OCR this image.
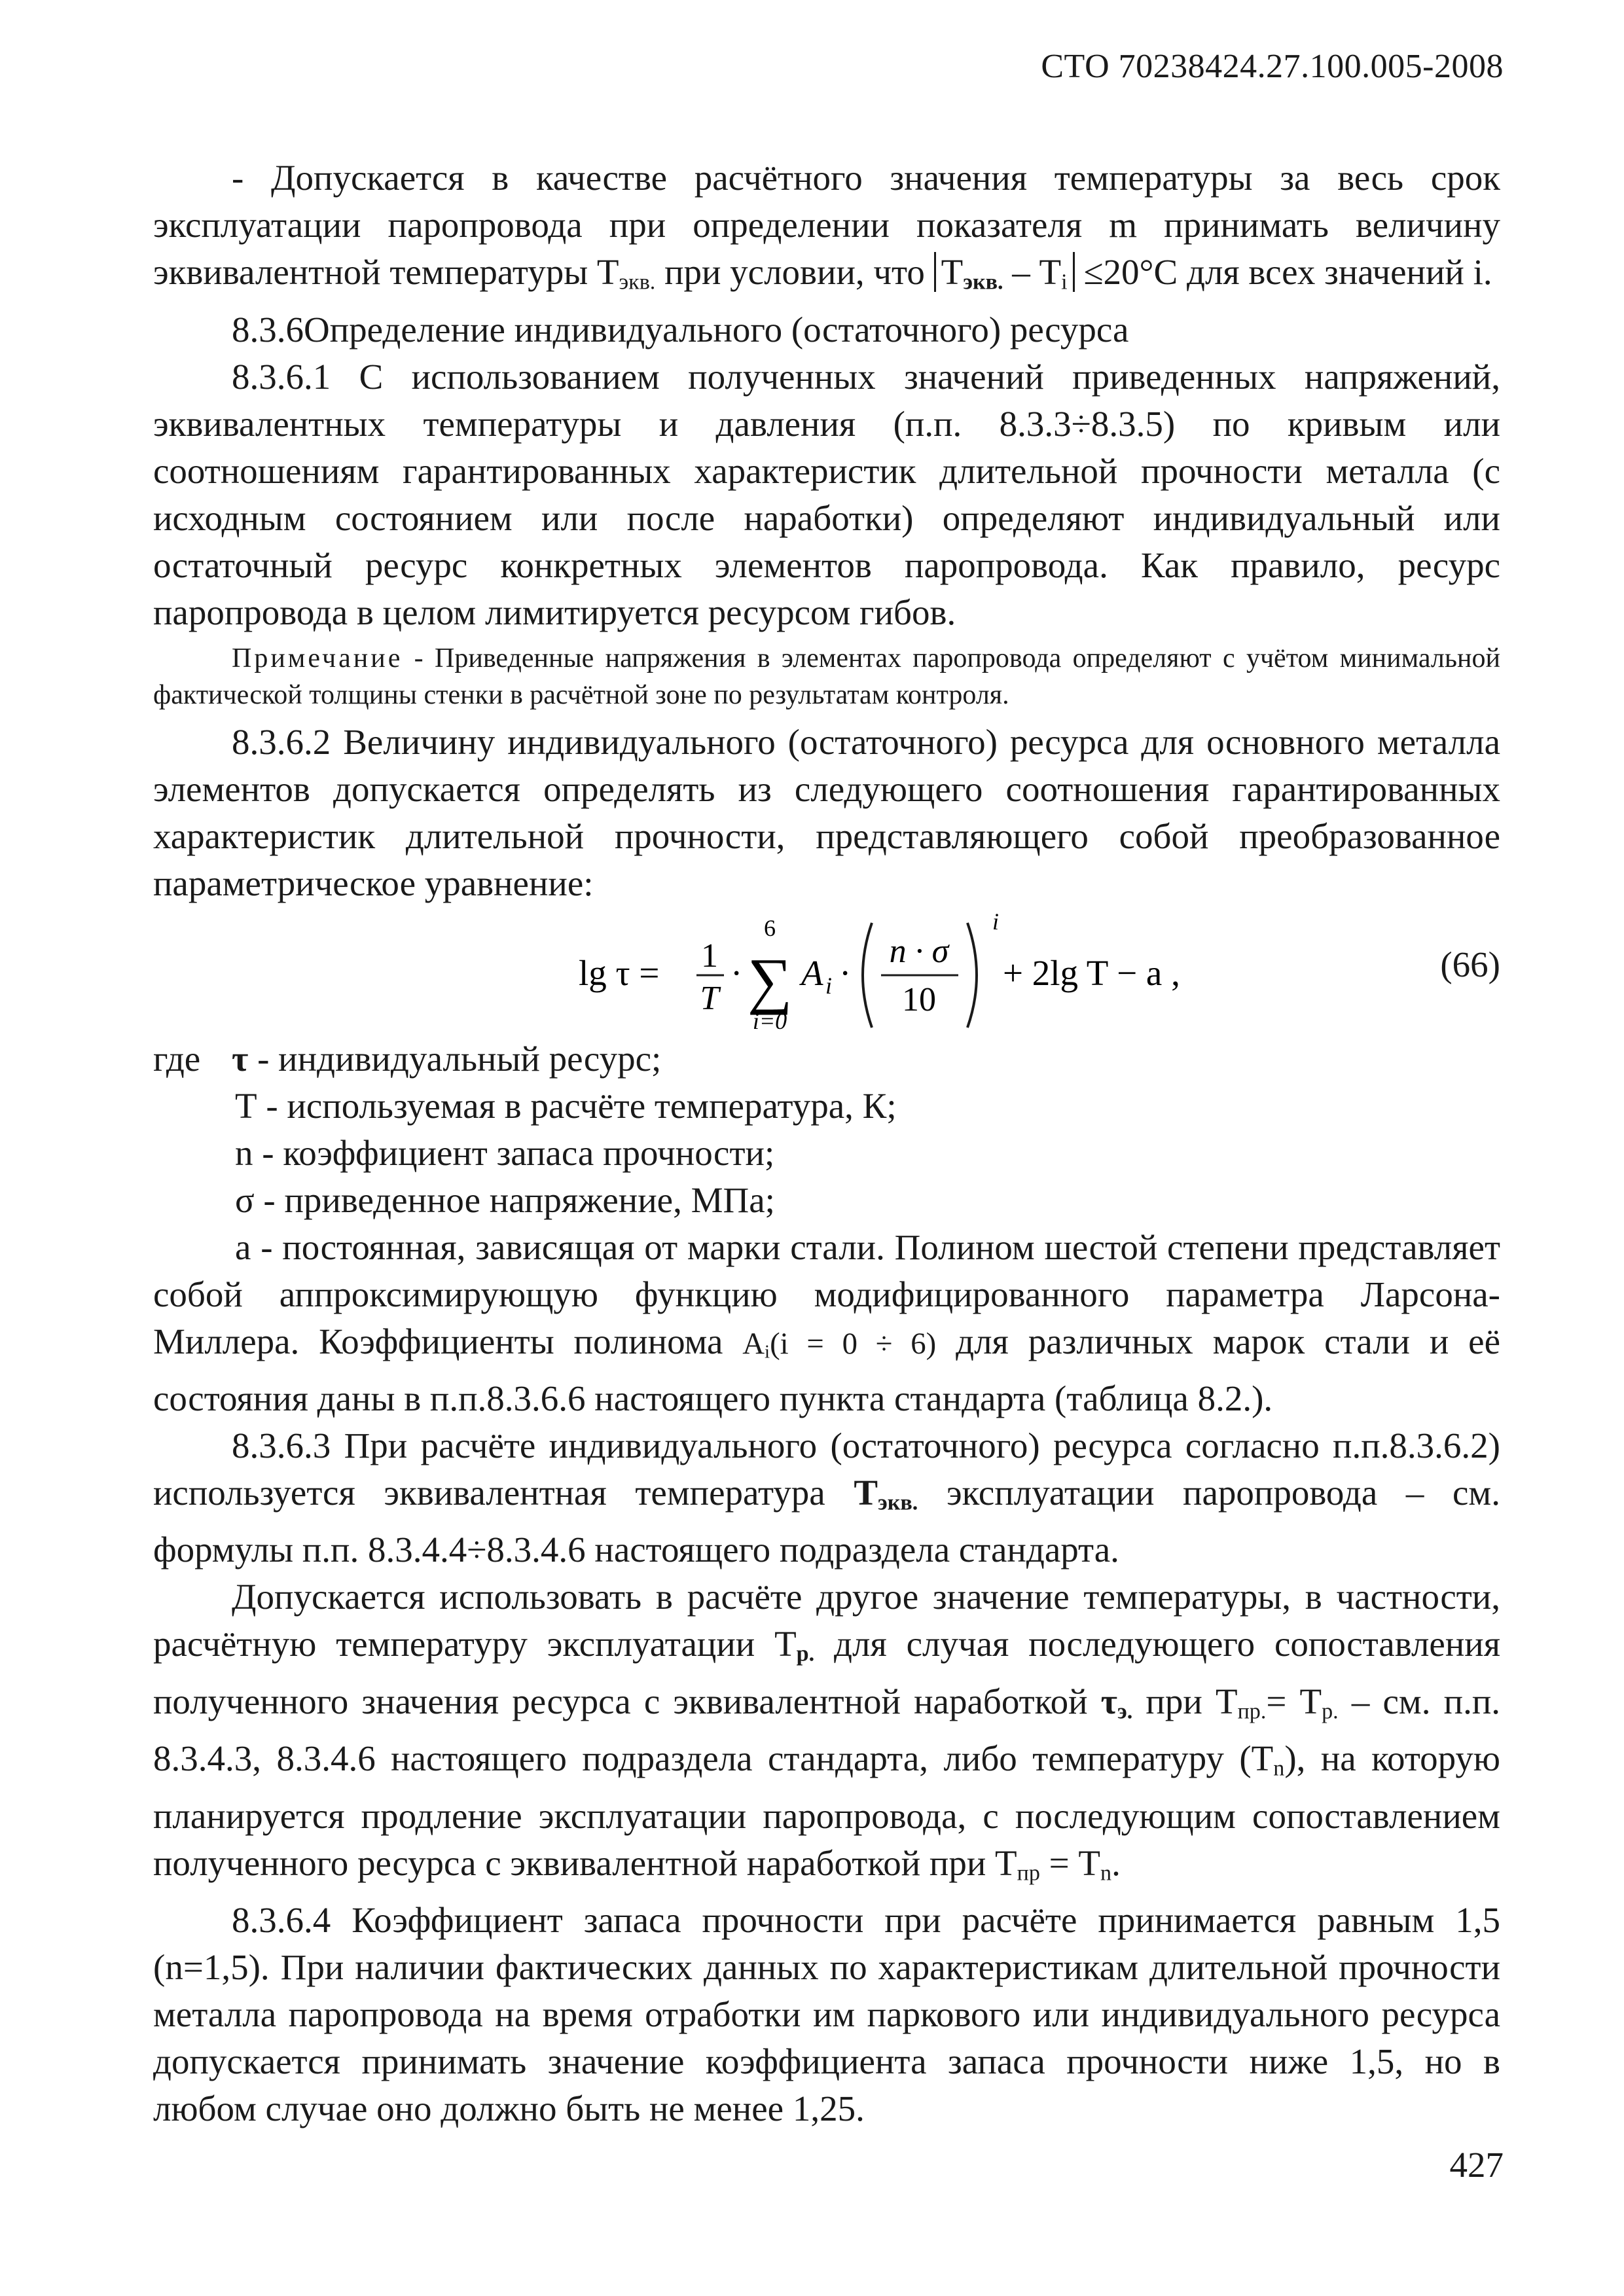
СТО 70238424.27.100.005-2008

- Допускается в качестве расчётного значения температуры за весь срок эксплуатации паропровода при определении показателя m принимать величину эквивалентной температуры $Т_{экв.}$ при условии, что Тэкв. – $Т_i \le 20^\circ С$ для всех значений i.

8.3.6Определение индивидуального (остаточного) ресурса

8.3.6.1 С использованием полученных значений приведенных напряжений, эквивалентных температуры и давления (п.п. 8.3.3÷8.3.5) по кривым или соотношениям гарантированных характеристик длительной прочности металла (с исходным состоянием или после наработки) определяют индивидуальный или остаточный ресурс конкретных элементов паропровода. Как правило, ресурс паропровода в целом лимитируется ресурсом гибов.

Примечание - Приведенные напряжения в элементах паропровода определяют с учётом минимальной фактической толщины стенки в расчётной зоне по результатам контроля.

8.3.6.2 Величину индивидуального (остаточного) ресурса для основного металла элементов допускается определять из следующего соотношения гарантированных характеристик длительной прочности, представляющего собой преобразованное параметрическое уравнение:

lg τ = 1
T
·
6
∑
i=0
A i ·
n · σ
10
i
+ 2lg T − a ,	(66)

где τ - индивидуальный ресурс;

Т - используемая в расчёте температура, К;

n - коэффициент запаса прочности;

σ - приведенное напряжение, МПа;

a - постоянная, зависящая от марки стали. Полином шестой степени представляет собой аппроксимирующую функцию модифицированного параметра Ларсона-Миллера. Коэффициенты полинома $A_i(i = 0 \div 6)$ для различных марок стали и её состояния даны в п.п.8.3.6.6 настоящего пункта стандарта (таблица 8.2.).

8.3.6.3 При расчёте индивидуального (остаточного) ресурса согласно п.п.8.3.6.2) используется эквивалентная температура Тэкв. эксплуатации паропровода – см. формулы п.п. 8.3.4.4÷8.3.4.6 настоящего подраздела стандарта.

Допускается использовать в расчёте другое значение температуры, в частности, расчётную температуру эксплуатации Тр. для случая последующего сопоставления полученного значения ресурса с эквивалентной наработкой τэ. при $Т_{пр.}= Т_{р.}$ – см. п.п. 8.3.4.3, 8.3.4.6 настоящего подраздела стандарта, либо температуру $(Т_n)$, на которую планируется продление эксплуатации паропровода, с последующим сопоставлением полученного ресурса с эквивалентной наработкой при $Т_{пр} = Т_n$.

8.3.6.4 Коэффициент запаса прочности при расчёте принимается равным 1,5 (n=1,5). При наличии фактических данных по характеристикам длительной прочности металла паропровода на время отработки им паркового или индивидуального ресурса допускается принимать значение коэффициента запаса прочности ниже 1,5, но в любом случае оно должно быть не менее 1,25.

427
